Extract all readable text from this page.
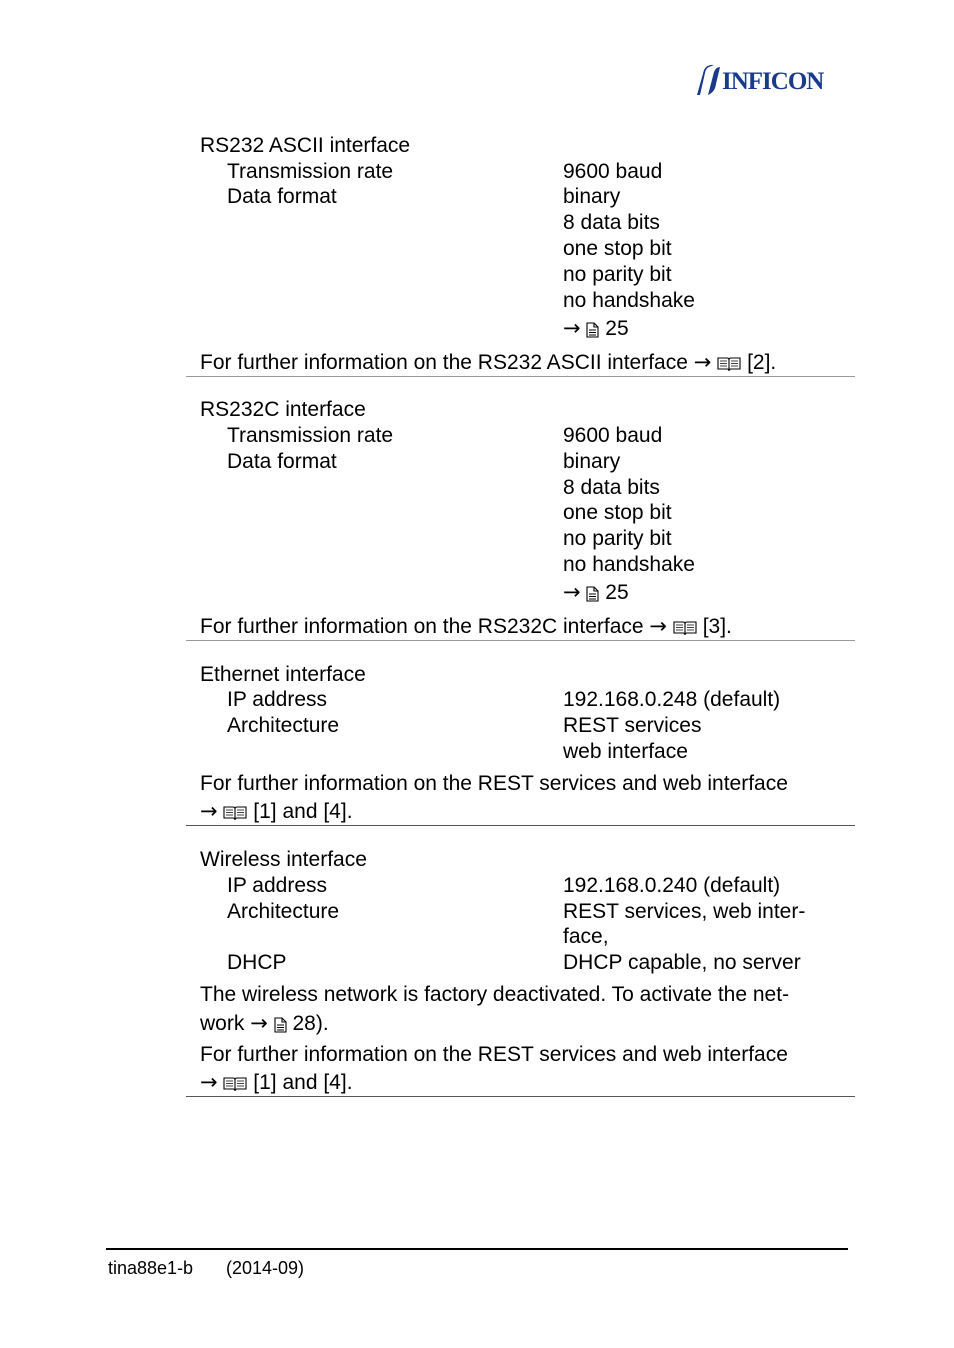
INFICON
RS232 ASCII interface
Transmission rate	9600 baud
Data format	binary
8 data bits
one stop bit
no parity bit
no handshake
→ 25
For further information on the RS232 ASCII interface → [2].
RS232C interface
Transmission rate	9600 baud
Data format	binary
8 data bits
one stop bit
no parity bit
no handshake
→ 25
For further information on the RS232C interface → [3].
Ethernet interface
IP address	192.168.0.248 (default)
Architecture	REST services
web interface
For further information on the REST services and web interface
→ [1] and [4].
Wireless interface
IP address	192.168.0.240 (default)
Architecture	REST services, web inter-
face,
DHCP	DHCP capable, no server
The wireless network is factory deactivated. To activate the net-
work → 28).
For further information on the REST services and web interface
→ [1] and [4].
tina88e1-b (2014-09)
